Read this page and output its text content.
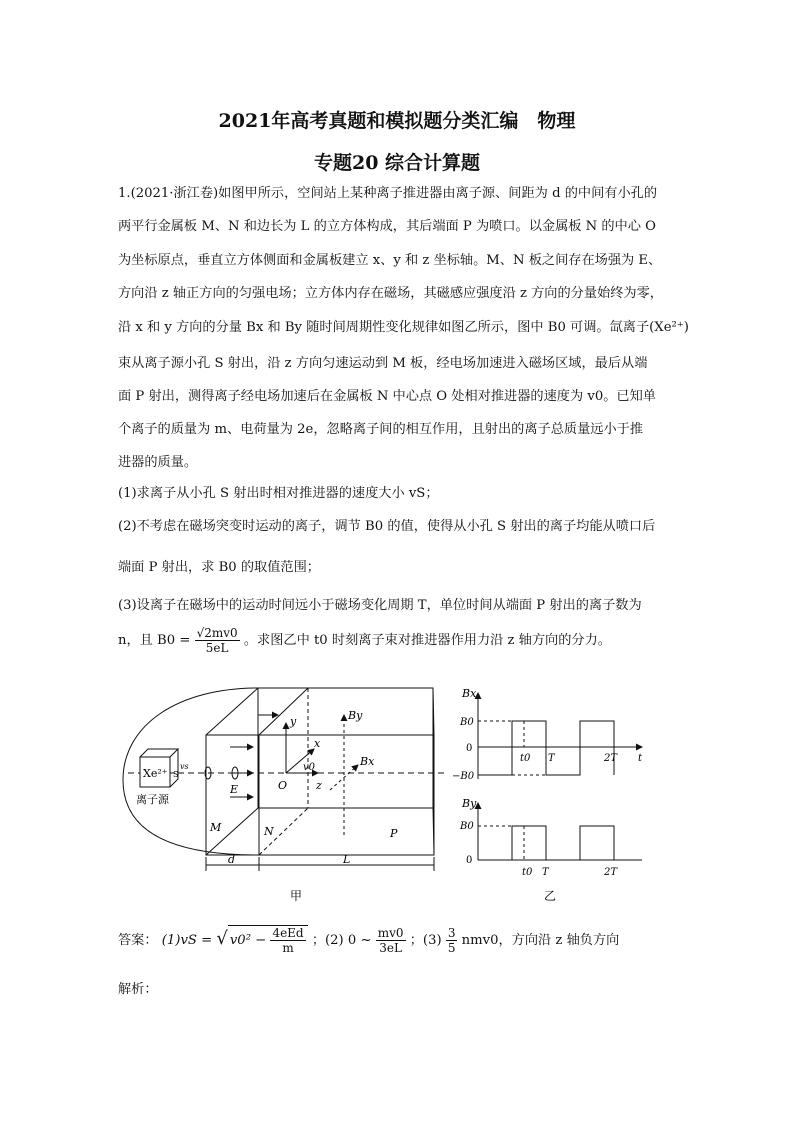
2021年高考真题和模拟题分类汇编　物理
专题20 综合计算题
1.(2021·浙江卷)如图甲所示，空间站上某种离子推进器由离子源、间距为 d 的中间有小孔的
两平行金属板 M、N 和边长为 L 的立方体构成，其后端面 P 为喷口。以金属板 N 的中心 O
为坐标原点，垂直立方体侧面和金属板建立 x、y 和 z 坐标轴。M、N 板之间存在场强为 E、
方向沿 z 轴正方向的匀强电场；立方体内存在磁场，其磁感应强度沿 z 方向的分量始终为零，
沿 x 和 y 方向的分量 Bx 和 By 随时间周期性变化规律如图乙所示，图中 B0 可调。氙离子(Xe²⁺)
束从离子源小孔 S 射出，沿 z 方向匀速运动到 M 板，经电场加速进入磁场区域，最后从端
面 P 射出，测得离子经电场加速后在金属板 N 中心点 O 处相对推进器的速度为 v0。已知单
个离子的质量为 m、电荷量为 2e，忽略离子间的相互作用，且射出的离子总质量远小于推
进器的质量。
(1)求离子从小孔 S 射出时相对推进器的速度大小 vS；
(2)不考虑在磁场突变时运动的离子，调节 B0 的值，使得从小孔 S 射出的离子均能从喷口后
端面 P 射出，求 B0 的取值范围；
(3)设离子在磁场中的运动时间远小于磁场变化周期 T，单位时间从端面 P 射出的离子数为
n，且 $B0 = \frac{√2mv0}{5eL}$ 。求图乙中 t0 时刻离子束对推进器作用力沿 z 轴方向的分力。
Xe²⁺ S
离子源
vs
E
y
x
z
v0
O
By
Bx
M	N	P
d	L
甲
Bx
B0
0
−B0
t0 T	2T t
By
B0
0
t0 T	2T
乙
答案： (1)vS = √ $v0^2 - \frac{\text{4eEd}}{m}$ ；(2) 0 ~ $\frac{mv0}{3eL}$ ；$(3) \frac{3}{5} nmv0$，方向沿 z 轴负方向
解析：
